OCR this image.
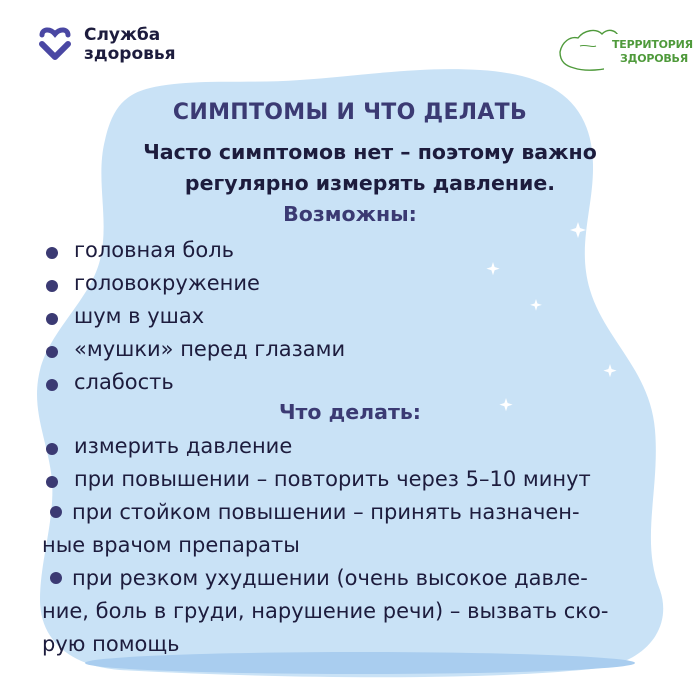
Служба
здоровья	ТЕРРИТОРИЯ
ЗДОРОВЬЯ
СИМПТОМЫ И ЧТО ДЕЛАТЬ
Часто симптомов нет – поэтому важно регулярно измерять давление.
Возможны:
головная боль
головокружение
шум в ушах
«мушки» перед глазами
слабость
Что делать:
измерить давление
при повышении – повторить через 5–10 минут
при стойком повышении – принять назначен-
ные врачом препараты
при резком ухудшении (очень высокое давле-
ние, боль в груди, нарушение речи) – вызвать ско-
рую помощь
